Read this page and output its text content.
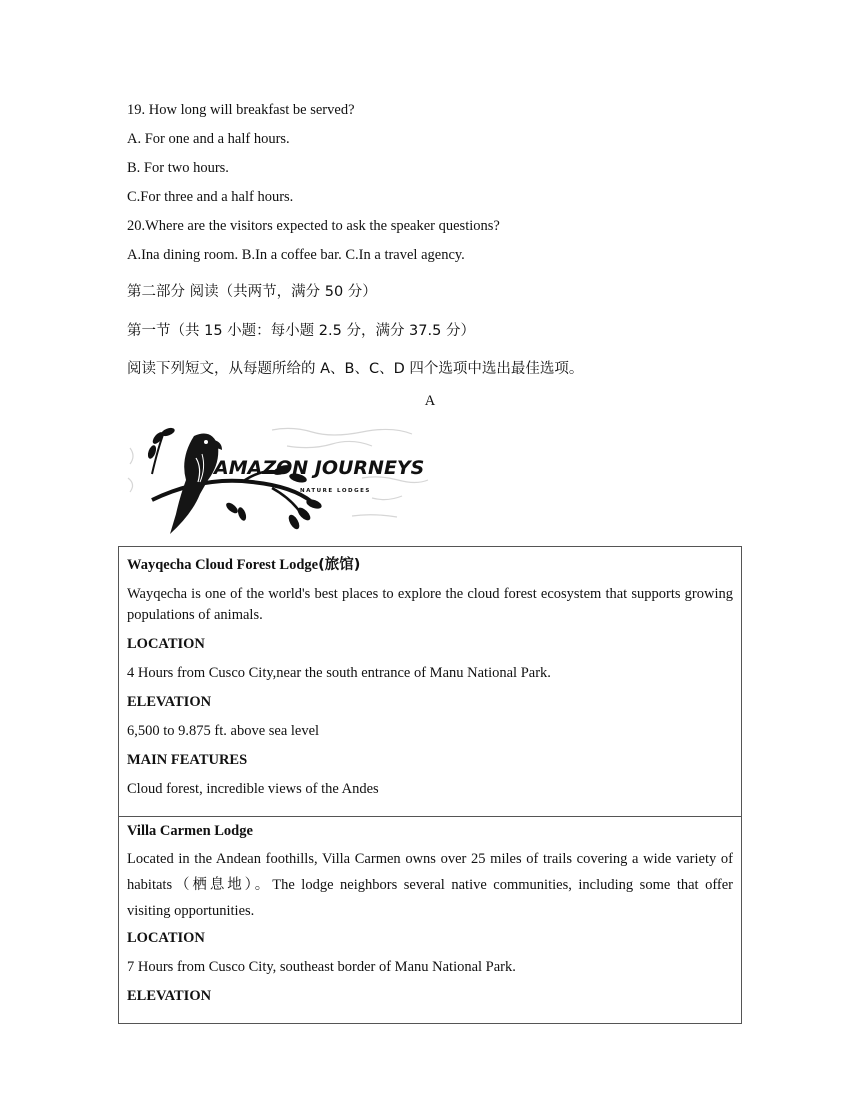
19. How long will breakfast be served?
A. For one and a half hours.
B. For two hours.
C.For three and a half hours.
20.Where are the visitors expected to ask the speaker questions?
A.Ina dining room. B.In a coffee bar. C.In a travel agency.
第二部分 阅读（共两节，满分 50 分）
第一节（共 15 小题：每小题 2.5 分，满分 37.5 分）
阅读下列短文，从每题所给的 A、B、C、D 四个选项中选出最佳选项。
A
AMAZON JOURNEYS
NATURE LODGES
Wayqecha Cloud Forest Lodge(旅馆)
Wayqecha is one of the world's best places to explore the cloud forest ecosystem that supports growing populations of animals.
LOCATION
4 Hours from Cusco City,near the south entrance of Manu National Park.
ELEVATION
6,500 to 9.875 ft. above sea level
MAIN FEATURES
Cloud forest, incredible views of the Andes

Villa Carmen Lodge
Located in the Andean foothills, Villa Carmen owns over 25 miles of trails covering a wide variety of habitats（栖息地）。The lodge neighbors several native communities, including some that offer visiting opportunities.
LOCATION
7 Hours from Cusco City, southeast border of Manu National Park.
ELEVATION
